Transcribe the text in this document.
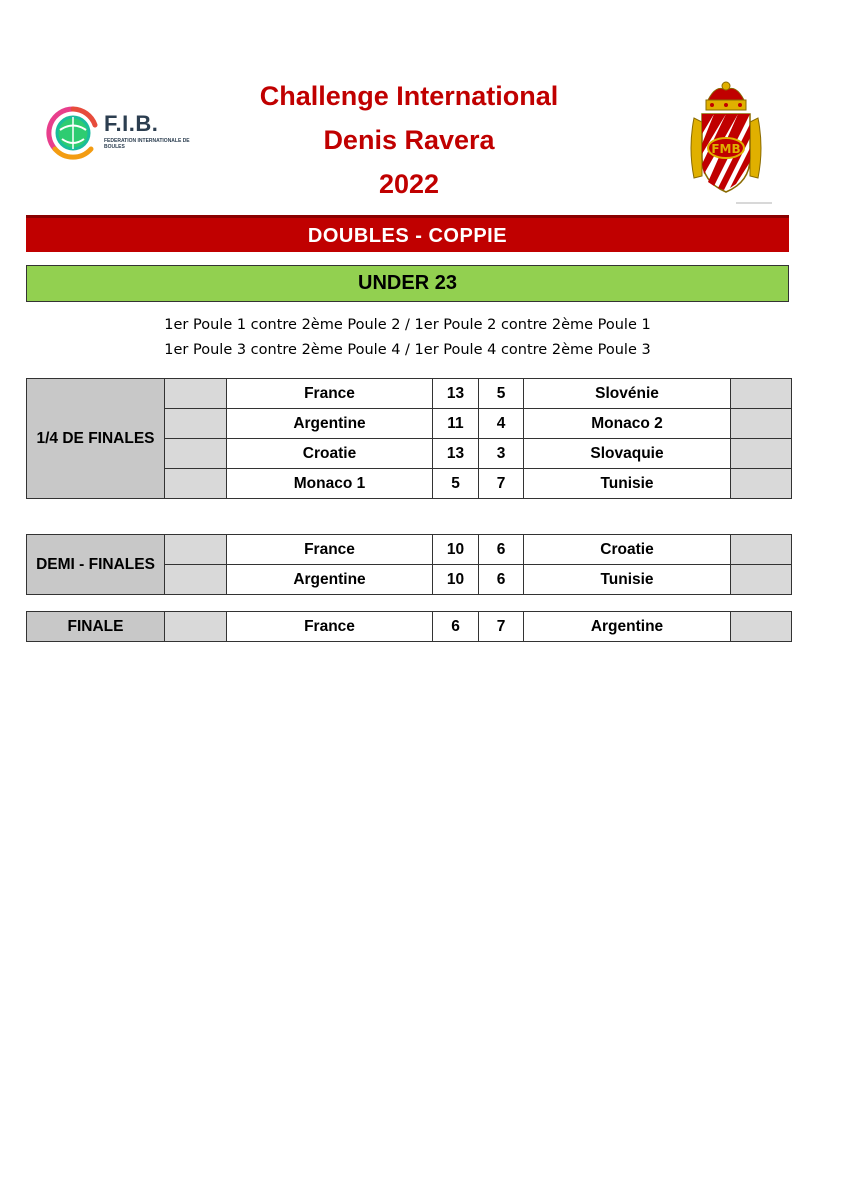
Challenge International
Denis Ravera
2022
F.I.B.
FEDERATION INTERNATIONALE DE BOULES	FMB
DOUBLES - COPPIE
UNDER 23
1er Poule 1 contre 2ème Poule 2 / 1er Poule 2 contre 2ème Poule 1
1er Poule 3 contre 2ème Poule 4 / 1er Poule 4 contre 2ème Poule 3
1/4 DE FINALES		France	13	5	Slovénie	
		Argentine	11	4	Monaco 2	
		Croatie	13	3	Slovaquie	
		Monaco 1	5	7	Tunisie	
DEMI - FINALES		France	10	6	Croatie	
		Argentine	10	6	Tunisie	
FINALE		France	6	7	Argentine	
